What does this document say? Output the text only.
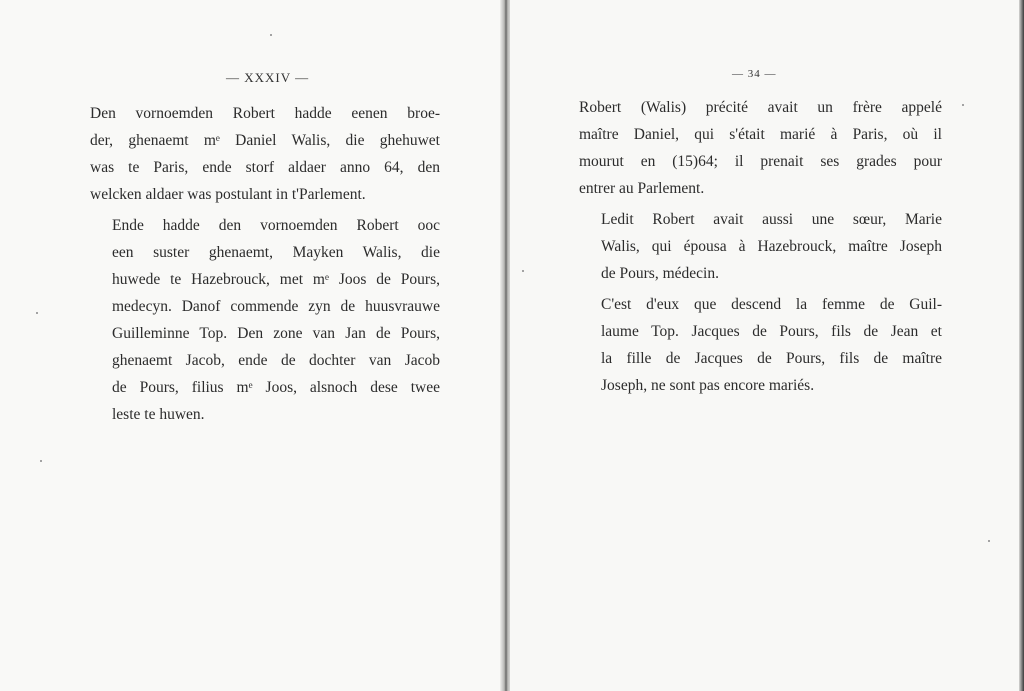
— XXXIV —

Den vornoemden Robert hadde eenen broe-
der, ghenaemt mᵉ Daniel Walis, die ghehuwet
was te Paris, ende storf aldaer anno 64, den
welcken aldaer was postulant in t'Parlement.

Ende hadde den vornoemden Robert ooc
een suster ghenaemt, Mayken Walis, die
huwede te Hazebrouck, met mᵉ Joos de Pours,
medecyn. Danof commende zyn de huusvrauwe
Guilleminne Top. Den zone van Jan de Pours,
ghenaemt Jacob, ende de dochter van Jacob
de Pours, filius mᵉ Joos, alsnoch dese twee
leste te huwen.

— 34 —

Robert (Walis) précité avait un frère appelé
maître Daniel, qui s'était marié à Paris, où il
mourut en (15)64; il prenait ses grades pour
entrer au Parlement.

Ledit Robert avait aussi une sœur, Marie
Walis, qui épousa à Hazebrouck, maître Joseph
de Pours, médecin.

C'est d'eux que descend la femme de Guil-
laume Top. Jacques de Pours, fils de Jean et
la fille de Jacques de Pours, fils de maître
Joseph, ne sont pas encore mariés.
